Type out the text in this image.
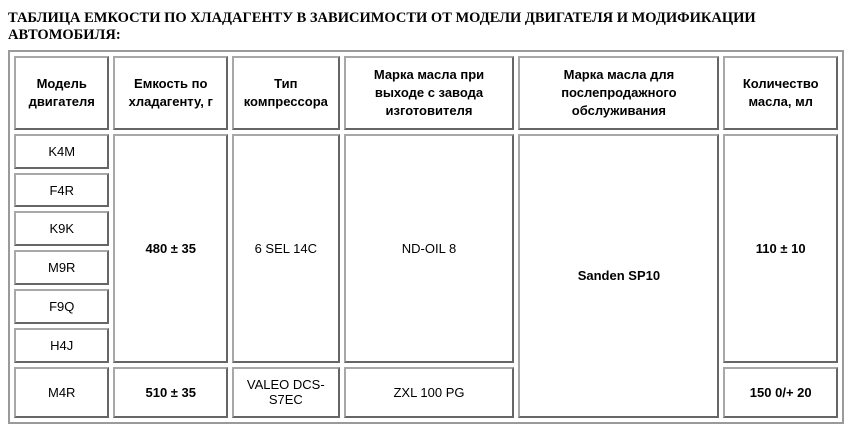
ТАБЛИЦА ЕМКОСТИ ПО ХЛАДАГЕНТУ В ЗАВИСИМОСТИ ОТ МОДЕЛИ ДВИГАТЕЛЯ И МОДИФИКАЦИИ АВТОМОБИЛЯ:
Модель двигателя	Емкость по хладагенту, г	Тип компрессора	Марка масла при выходе с завода изготовителя	Марка масла для послепродажного обслуживания	Количество масла, мл
K4M	480 ± 35	6 SEL 14C	ND-OIL 8	Sanden SP10	110 ± 10
F4R					
K9K					
M9R					
F9Q					
H4J					
M4R	510 ± 35	VALEO DCS-S7EC	ZXL 100 PG		150 0/+ 20
